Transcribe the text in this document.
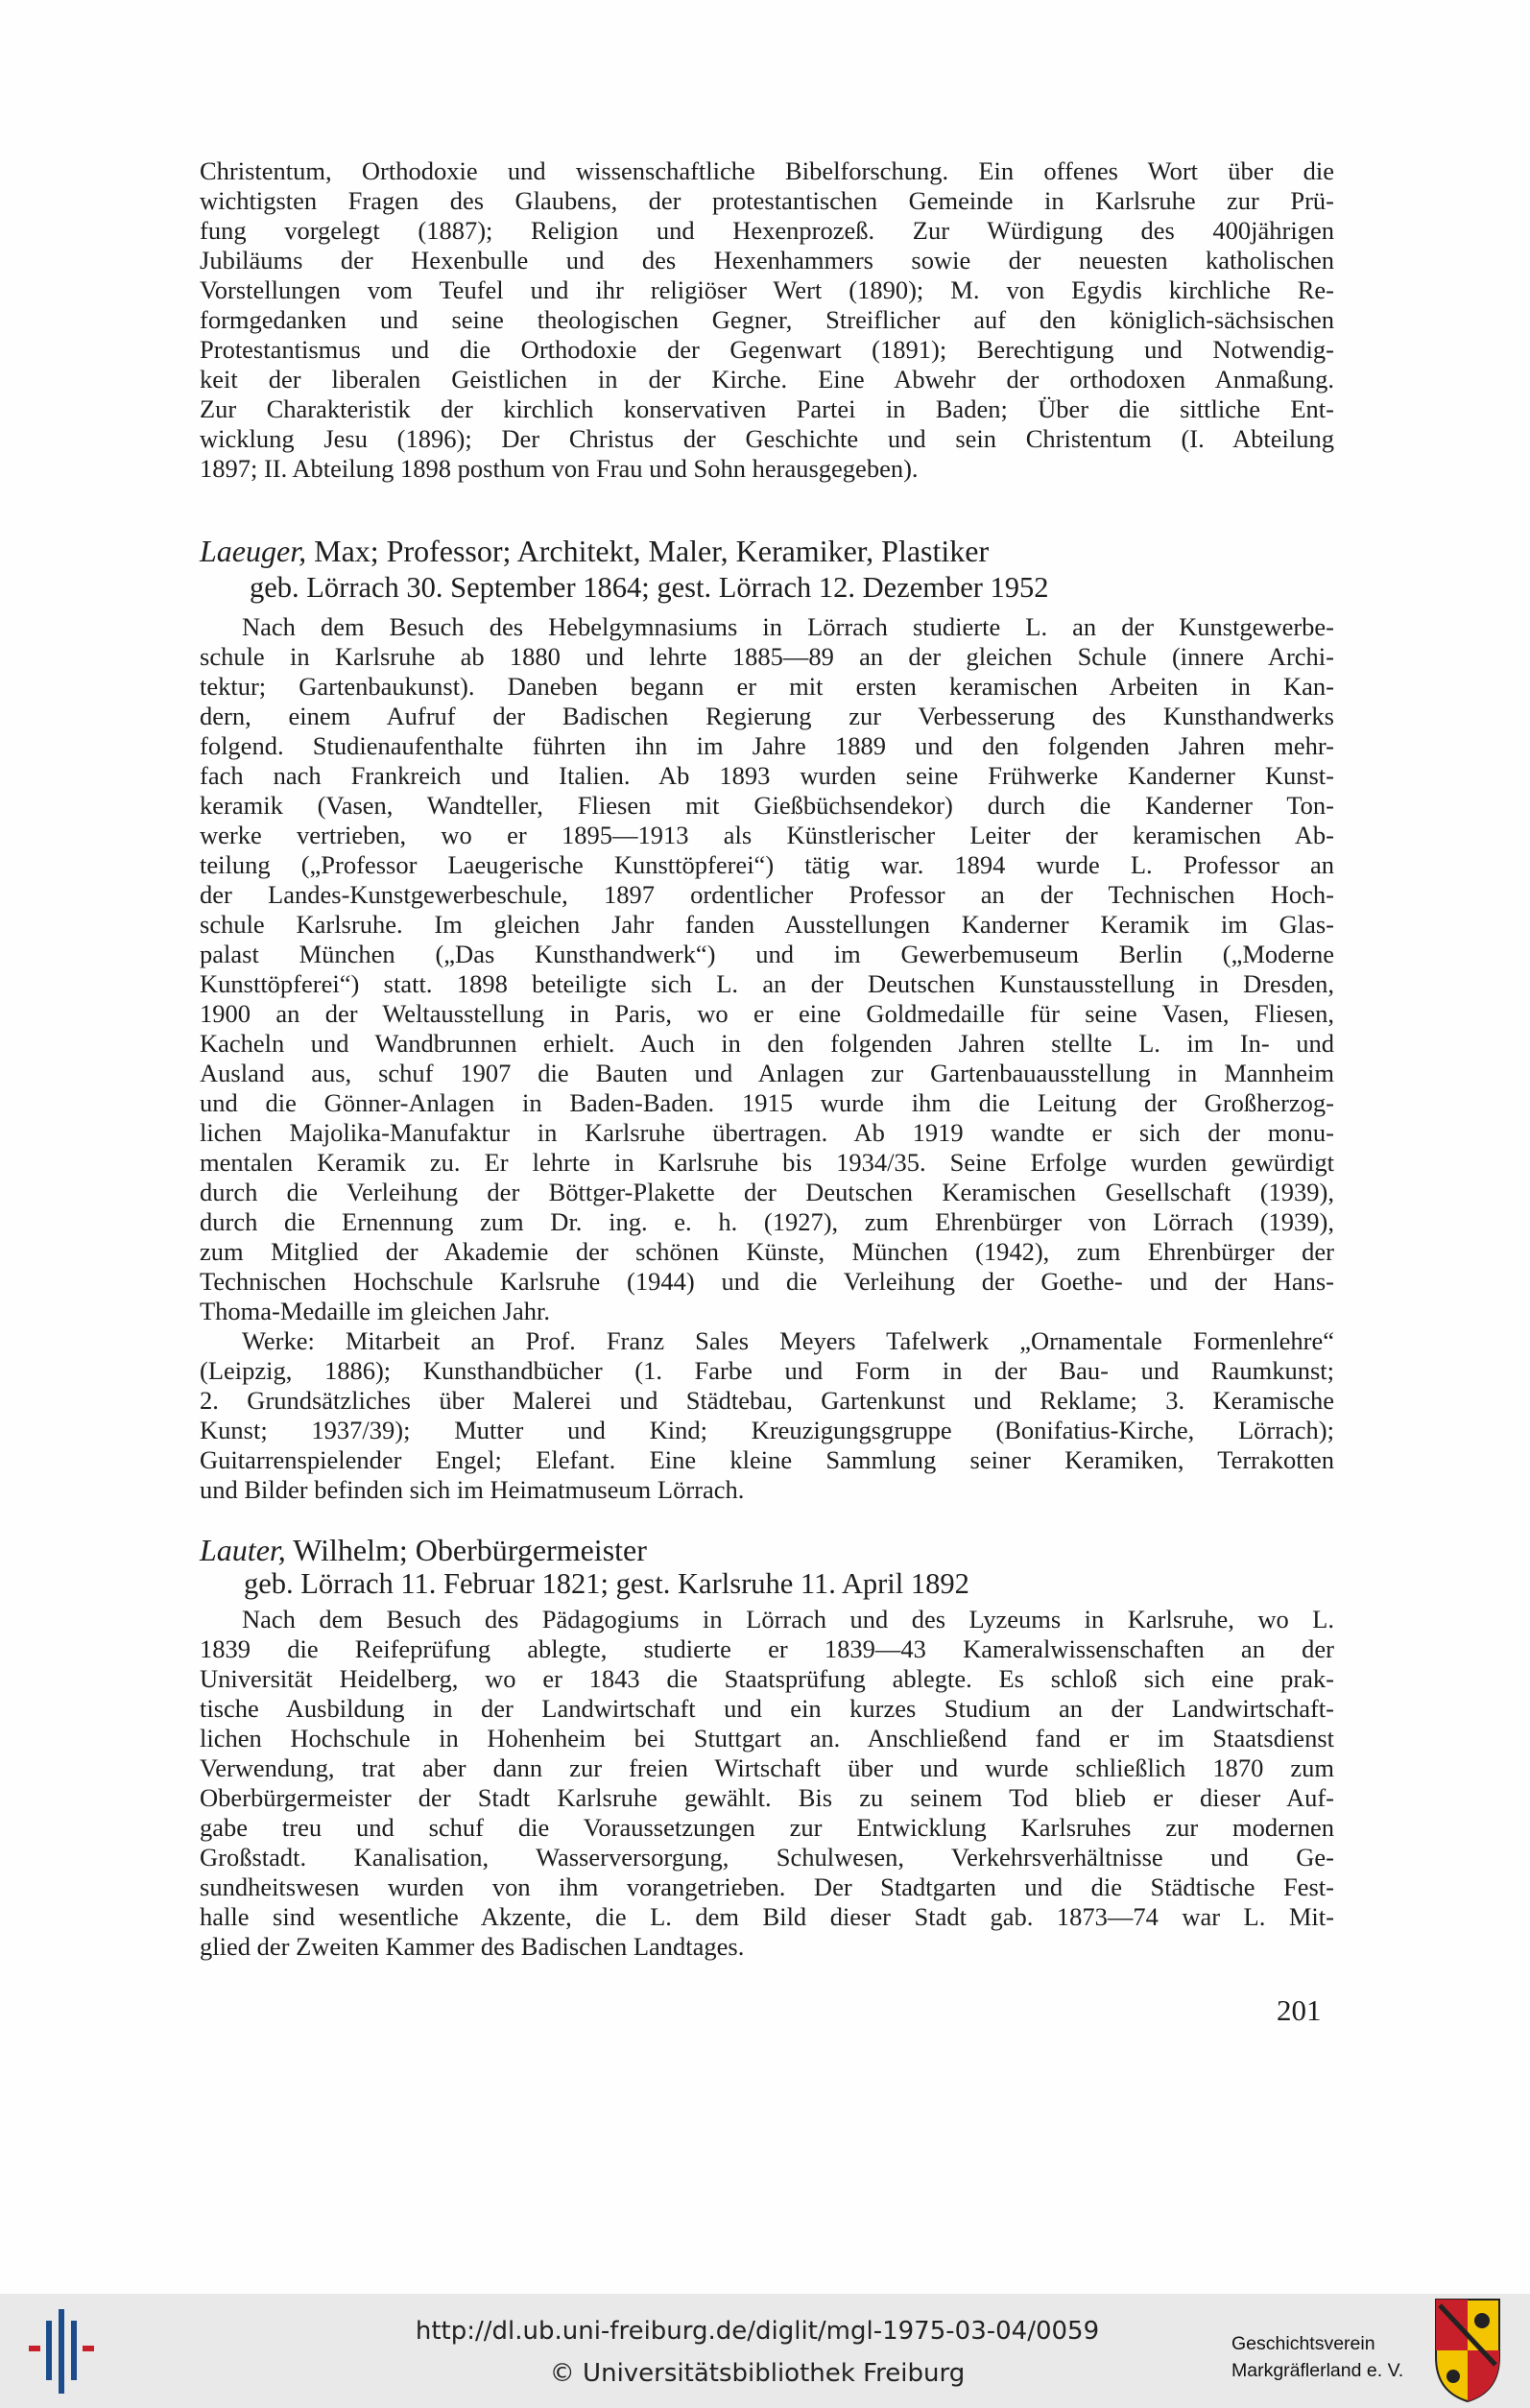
Christentum, Orthodoxie und wissenschaftliche Bibelforschung. Ein offenes Wort über die
wichtigsten Fragen des Glaubens, der protestantischen Gemeinde in Karlsruhe zur Prü-
fung vorgelegt (1887); Religion und Hexenprozeß. Zur Würdigung des 400jährigen
Jubiläums der Hexenbulle und des Hexenhammers sowie der neuesten katholischen
Vorstellungen vom Teufel und ihr religiöser Wert (1890); M. von Egydis kirchliche Re-
formgedanken und seine theologischen Gegner, Streiflicher auf den königlich-sächsischen
Protestantismus und die Orthodoxie der Gegenwart (1891); Berechtigung und Notwendig-
keit der liberalen Geistlichen in der Kirche. Eine Abwehr der orthodoxen Anmaßung.
Zur Charakteristik der kirchlich konservativen Partei in Baden; Über die sittliche Ent-
wicklung Jesu (1896); Der Christus der Geschichte und sein Christentum (I. Abteilung
1897; II. Abteilung 1898 posthum von Frau und Sohn herausgegeben).
Laeuger, Max; Professor; Architekt, Maler, Keramiker, Plastiker
geb. Lörrach 30. September 1864; gest. Lörrach 12. Dezember 1952
Nach dem Besuch des Hebelgymnasiums in Lörrach studierte L. an der Kunstgewerbe-
schule in Karlsruhe ab 1880 und lehrte 1885—89 an der gleichen Schule (innere Archi-
tektur; Gartenbaukunst). Daneben begann er mit ersten keramischen Arbeiten in Kan-
dern, einem Aufruf der Badischen Regierung zur Verbesserung des Kunsthandwerks
folgend. Studienaufenthalte führten ihn im Jahre 1889 und den folgenden Jahren mehr-
fach nach Frankreich und Italien. Ab 1893 wurden seine Frühwerke Kanderner Kunst-
keramik (Vasen, Wandteller, Fliesen mit Gießbüchsendekor) durch die Kanderner Ton-
werke vertrieben, wo er 1895—1913 als Künstlerischer Leiter der keramischen Ab-
teilung („Professor Laeugerische Kunsttöpferei“) tätig war. 1894 wurde L. Professor an
der Landes-Kunstgewerbeschule, 1897 ordentlicher Professor an der Technischen Hoch-
schule Karlsruhe. Im gleichen Jahr fanden Ausstellungen Kanderner Keramik im Glas-
palast München („Das Kunsthandwerk“) und im Gewerbemuseum Berlin („Moderne
Kunsttöpferei“) statt. 1898 beteiligte sich L. an der Deutschen Kunstausstellung in Dresden,
1900 an der Weltausstellung in Paris, wo er eine Goldmedaille für seine Vasen, Fliesen,
Kacheln und Wandbrunnen erhielt. Auch in den folgenden Jahren stellte L. im In- und
Ausland aus, schuf 1907 die Bauten und Anlagen zur Gartenbauausstellung in Mannheim
und die Gönner-Anlagen in Baden-Baden. 1915 wurde ihm die Leitung der Großherzog-
lichen Majolika-Manufaktur in Karlsruhe übertragen. Ab 1919 wandte er sich der monu-
mentalen Keramik zu. Er lehrte in Karlsruhe bis 1934/35. Seine Erfolge wurden gewürdigt
durch die Verleihung der Böttger-Plakette der Deutschen Keramischen Gesellschaft (1939),
durch die Ernennung zum Dr. ing. e. h. (1927), zum Ehrenbürger von Lörrach (1939),
zum Mitglied der Akademie der schönen Künste, München (1942), zum Ehrenbürger der
Technischen Hochschule Karlsruhe (1944) und die Verleihung der Goethe- und der Hans-
Thoma-Medaille im gleichen Jahr.
Werke: Mitarbeit an Prof. Franz Sales Meyers Tafelwerk „Ornamentale Formenlehre“
(Leipzig, 1886); Kunsthandbücher (1. Farbe und Form in der Bau- und Raumkunst;
2. Grundsätzliches über Malerei und Städtebau, Gartenkunst und Reklame; 3. Keramische
Kunst; 1937/39); Mutter und Kind; Kreuzigungsgruppe (Bonifatius-Kirche, Lörrach);
Guitarrenspielender Engel; Elefant. Eine kleine Sammlung seiner Keramiken, Terrakotten
und Bilder befinden sich im Heimatmuseum Lörrach.
Lauter, Wilhelm; Oberbürgermeister
geb. Lörrach 11. Februar 1821; gest. Karlsruhe 11. April 1892
Nach dem Besuch des Pädagogiums in Lörrach und des Lyzeums in Karlsruhe, wo L.
1839 die Reifeprüfung ablegte, studierte er 1839—43 Kameralwissenschaften an der
Universität Heidelberg, wo er 1843 die Staatsprüfung ablegte. Es schloß sich eine prak-
tische Ausbildung in der Landwirtschaft und ein kurzes Studium an der Landwirtschaft-
lichen Hochschule in Hohenheim bei Stuttgart an. Anschließend fand er im Staatsdienst
Verwendung, trat aber dann zur freien Wirtschaft über und wurde schließlich 1870 zum
Oberbürgermeister der Stadt Karlsruhe gewählt. Bis zu seinem Tod blieb er dieser Auf-
gabe treu und schuf die Voraussetzungen zur Entwicklung Karlsruhes zur modernen
Großstadt. Kanalisation, Wasserversorgung, Schulwesen, Verkehrsverhältnisse und Ge-
sundheitswesen wurden von ihm vorangetrieben. Der Stadtgarten und die Städtische Fest-
halle sind wesentliche Akzente, die L. dem Bild dieser Stadt gab. 1873—74 war L. Mit-
glied der Zweiten Kammer des Badischen Landtages.
201
http://dl.ub.uni-freiburg.de/diglit/mgl-1975-03-04/0059
© Universitätsbibliothek Freiburg
Geschichtsverein
Markgräflerland e. V.
